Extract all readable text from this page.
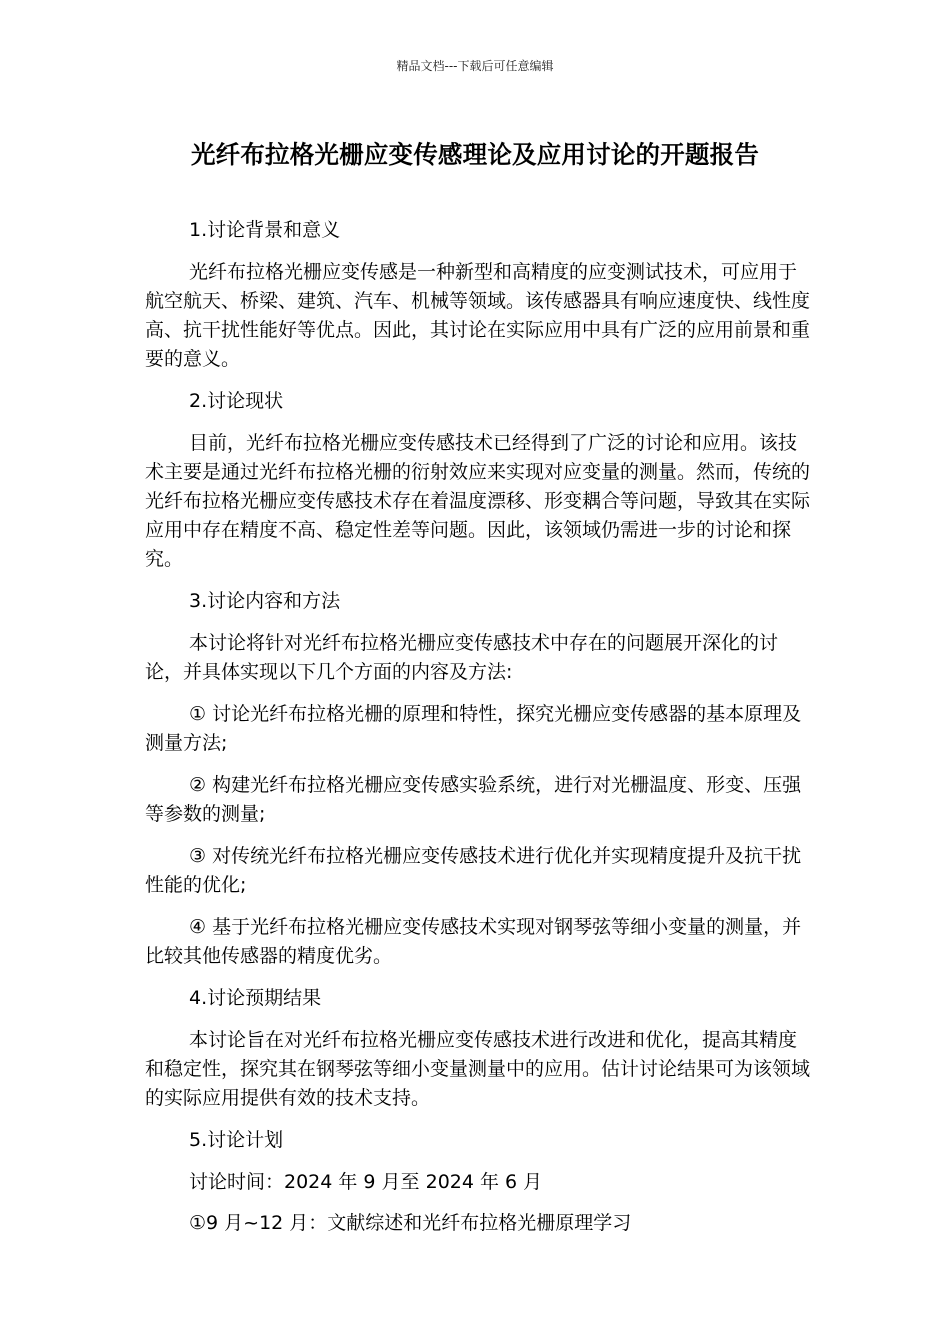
精品文档---下载后可任意编辑
光纤布拉格光栅应变传感理论及应用讨论的开题报告

1.讨论背景和意义

光纤布拉格光栅应变传感是一种新型和高精度的应变测试技术，可应用于航空航天、桥梁、建筑、汽车、机械等领域。该传感器具有响应速度快、线性度高、抗干扰性能好等优点。因此，其讨论在实际应用中具有广泛的应用前景和重要的意义。

2.讨论现状

目前，光纤布拉格光栅应变传感技术已经得到了广泛的讨论和应用。该技术主要是通过光纤布拉格光栅的衍射效应来实现对应变量的测量。然而，传统的光纤布拉格光栅应变传感技术存在着温度漂移、形变耦合等问题，导致其在实际应用中存在精度不高、稳定性差等问题。因此，该领域仍需进一步的讨论和探究。

3.讨论内容和方法

本讨论将针对光纤布拉格光栅应变传感技术中存在的问题展开深化的讨论，并具体实现以下几个方面的内容及方法:

① 讨论光纤布拉格光栅的原理和特性，探究光栅应变传感器的基本原理及测量方法;

② 构建光纤布拉格光栅应变传感实验系统，进行对光栅温度、形变、压强等参数的测量;

③ 对传统光纤布拉格光栅应变传感技术进行优化并实现精度提升及抗干扰性能的优化;

④ 基于光纤布拉格光栅应变传感技术实现对钢琴弦等细小变量的测量，并比较其他传感器的精度优劣。

4.讨论预期结果

本讨论旨在对光纤布拉格光栅应变传感技术进行改进和优化，提高其精度和稳定性，探究其在钢琴弦等细小变量测量中的应用。估计讨论结果可为该领域的实际应用提供有效的技术支持。

5.讨论计划

讨论时间：2024 年 9 月至 2024 年 6 月

①9 月~12 月：文献综述和光纤布拉格光栅原理学习
